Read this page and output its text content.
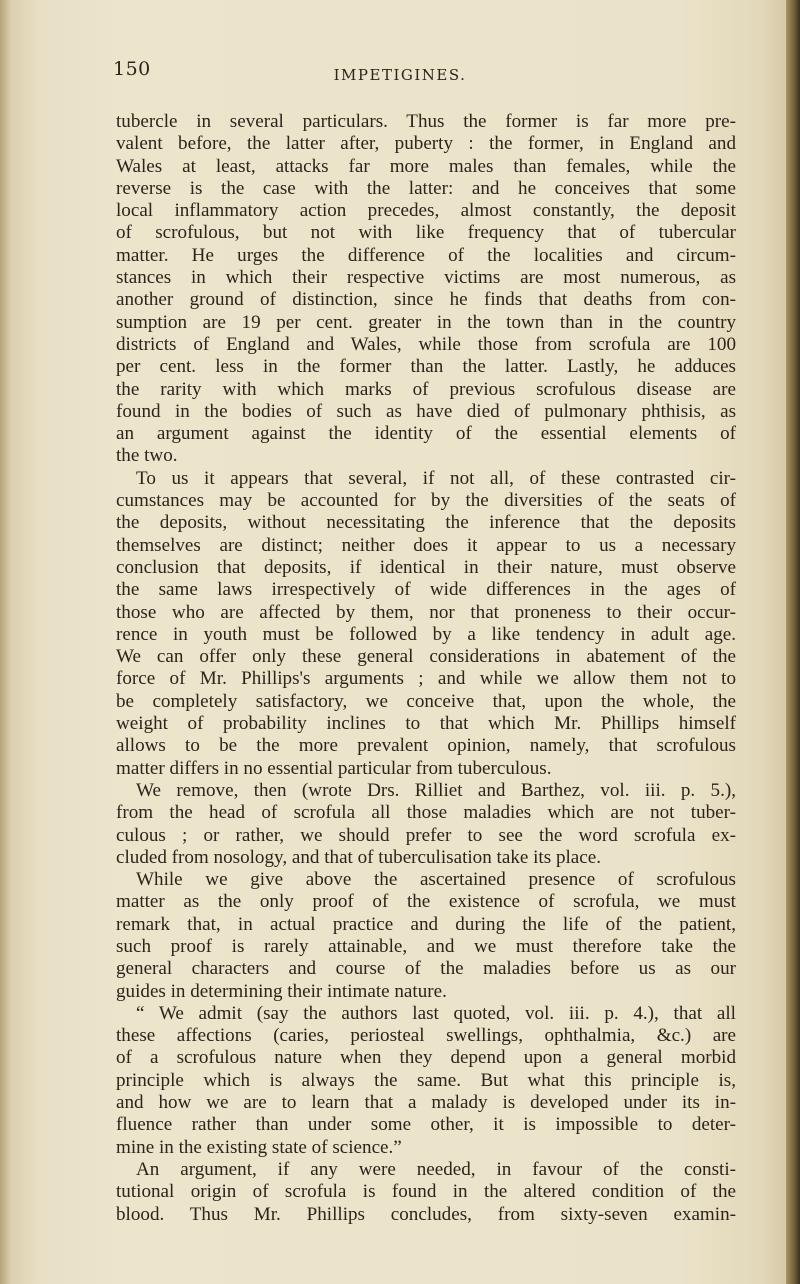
150	IMPETIGINES.
tubercle in several particulars. Thus the former is far more pre-
valent before, the latter after, puberty : the former, in England and
Wales at least, attacks far more males than females, while the
reverse is the case with the latter: and he conceives that some
local inflammatory action precedes, almost constantly, the deposit
of scrofulous, but not with like frequency that of tubercular
matter. He urges the difference of the localities and circum-
stances in which their respective victims are most numerous, as
another ground of distinction, since he finds that deaths from con-
sumption are 19 per cent. greater in the town than in the country
districts of England and Wales, while those from scrofula are 100
per cent. less in the former than the latter. Lastly, he adduces
the rarity with which marks of previous scrofulous disease are
found in the bodies of such as have died of pulmonary phthisis, as
an argument against the identity of the essential elements of
the two.
To us it appears that several, if not all, of these contrasted cir-
cumstances may be accounted for by the diversities of the seats of
the deposits, without necessitating the inference that the deposits
themselves are distinct; neither does it appear to us a necessary
conclusion that deposits, if identical in their nature, must observe
the same laws irrespectively of wide differences in the ages of
those who are affected by them, nor that proneness to their occur-
rence in youth must be followed by a like tendency in adult age.
We can offer only these general considerations in abatement of the
force of Mr. Phillips's arguments ; and while we allow them not to
be completely satisfactory, we conceive that, upon the whole, the
weight of probability inclines to that which Mr. Phillips himself
allows to be the more prevalent opinion, namely, that scrofulous
matter differs in no essential particular from tuberculous.
We remove, then (wrote Drs. Rilliet and Barthez, vol. iii. p. 5.),
from the head of scrofula all those maladies which are not tuber-
culous ; or rather, we should prefer to see the word scrofula ex-
cluded from nosology, and that of tuberculisation take its place.
While we give above the ascertained presence of scrofulous
matter as the only proof of the existence of scrofula, we must
remark that, in actual practice and during the life of the patient,
such proof is rarely attainable, and we must therefore take the
general characters and course of the maladies before us as our
guides in determining their intimate nature.
“ We admit (say the authors last quoted, vol. iii. p. 4.), that all
these affections (caries, periosteal swellings, ophthalmia, &c.) are
of a scrofulous nature when they depend upon a general morbid
principle which is always the same. But what this principle is,
and how we are to learn that a malady is developed under its in-
fluence rather than under some other, it is impossible to deter-
mine in the existing state of science.”
An argument, if any were needed, in favour of the consti-
tutional origin of scrofula is found in the altered condition of the
blood. Thus Mr. Phillips concludes, from sixty-seven examin-
